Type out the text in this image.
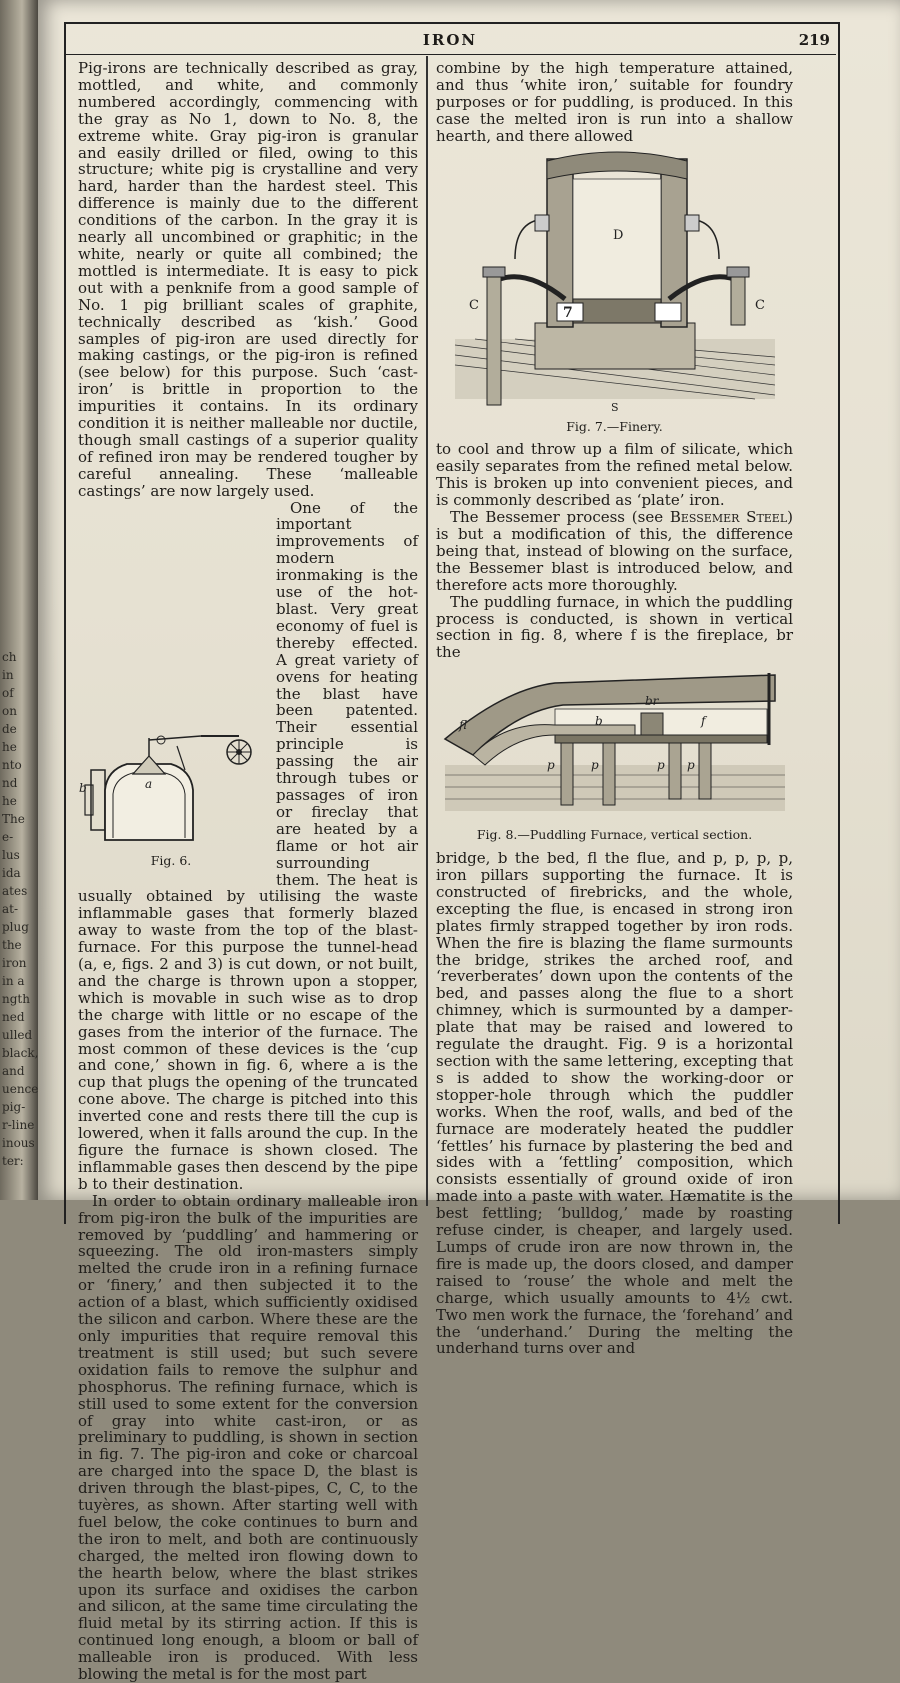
ch
in
of
on
de
he
nto
nd
he
The
e-
lus
ida
ates
at-
plug
the
iron
in a
ngth
ned
ulled
black,
and
uence
pig-
r-line
inous
ter:
IRON	219

Pig-irons are technically described as gray, mottled, and white, and commonly numbered accordingly, commencing with the gray as No 1, down to No. 8, the extreme white. Gray pig-iron is granular and easily drilled or filed, owing to this structure; white pig is crystalline and very hard, harder than the hardest steel. This difference is mainly due to the different conditions of the carbon. In the gray it is nearly all uncombined or graphitic; in the white, nearly or quite all combined; the mottled is intermediate. It is easy to pick out with a penknife from a good sample of No. 1 pig brilliant scales of graphite, technically described as ‘kish.’ Good samples of pig-iron are used directly for making castings, or the pig-iron is refined (see below) for this purpose. Such ‘cast-iron’ is brittle in proportion to the impurities it contains. In its ordinary condition it is neither malleable nor ductile, though small castings of a superior quality of refined iron may be rendered tougher by careful annealing. These ‘malleable castings’ are now largely used.

b	a
Fig. 6.

One of the important improvements of modern ironmaking is the use of the hot-blast. Very great economy of fuel is thereby effected. A great variety of ovens for heating the blast have been patented. Their essential principle is passing the air through tubes or passages of iron or fireclay that are heated by a flame or hot air surrounding them. The heat is usually obtained by utilising the waste inflammable gases that formerly blazed away to waste from the top of the blast-furnace. For this purpose the tunnel-head (a, e, figs. 2 and 3) is cut down, or not built, and the charge is thrown upon a stopper, which is movable in such wise as to drop the charge with little or no escape of the gases from the interior of the furnace. The most common of these devices is the ‘cup and cone,’ shown in fig. 6, where a is the cup that plugs the opening of the truncated cone above. The charge is pitched into this inverted cone and rests there till the cup is lowered, when it falls around the cup. In the figure the furnace is shown closed. The inflammable gases then descend by the pipe b to their destination.

In order to obtain ordinary malleable iron from pig-iron the bulk of the impurities are removed by ‘puddling’ and hammering or squeezing. The old iron-masters simply melted the crude iron in a refining furnace or ‘finery,’ and then subjected it to the action of a blast, which sufficiently oxidised the silicon and carbon. Where these are the only impurities that require removal this treatment is still used; but such severe oxidation fails to remove the sulphur and phosphorus. The refining furnace, which is still used to some extent for the conversion of gray into white cast-iron, or as preliminary to puddling, is shown in section in fig. 7. The pig-iron and coke or charcoal are charged into the space D, the blast is driven through the blast-pipes, C, C, to the tuyères, as shown. After starting well with fuel below, the coke continues to burn and the iron to melt, and both are continuously charged, the melted iron flowing down to the hearth below, where the blast strikes upon its surface and oxidises the carbon and silicon, at the same time circulating the fluid metal by its stirring action. If this is continued long enough, a bloom or ball of malleable iron is produced. With less blowing the metal is for the most part

combine by the high temperature attained, and thus ‘white iron,’ suitable for foundry purposes or for puddling, is produced. In this case the melted iron is run into a shallow hearth, and there allowed

7
D
C	C
S
Fig. 7.—Finery.

to cool and throw up a film of silicate, which easily separates from the refined metal below. This is broken up into convenient pieces, and is commonly described as ‘plate’ iron.

The Bessemer process (see Bessemer Steel) is but a modification of this, the difference being that, instead of blowing on the surface, the Bessemer blast is introduced below, and therefore acts more thoroughly.

The puddling furnace, in which the puddling process is conducted, is shown in vertical section in fig. 8, where f is the fireplace, br the

fl	b
br
f
p	p	p p
Fig. 8.—Puddling Furnace, vertical section.

bridge, b the bed, fl the flue, and p, p, p, p, iron pillars supporting the furnace. It is constructed of firebricks, and the whole, excepting the flue, is encased in strong iron plates firmly strapped together by iron rods. When the fire is blazing the flame surmounts the bridge, strikes the arched roof, and ‘reverberates’ down upon the contents of the bed, and passes along the flue to a short chimney, which is surmounted by a damper-plate that may be raised and lowered to regulate the draught. Fig. 9 is a horizontal section with the same lettering, excepting that s is added to show the working-door or stopper-hole through which the puddler works. When the roof, walls, and bed of the furnace are moderately heated the puddler ‘fettles’ his furnace by plastering the bed and sides with a ‘fettling’ composition, which consists essentially of ground oxide of iron made into a paste with water. Hæmatite is the best fettling; ‘bulldog,’ made by roasting refuse cinder, is cheaper, and largely used. Lumps of crude iron are now thrown in, the fire is made up, the doors closed, and damper raised to ‘rouse’ the whole and melt the charge, which usually amounts to 4½ cwt. Two men work the furnace, the ‘forehand’ and the ‘underhand.’ During the melting the underhand turns over and
